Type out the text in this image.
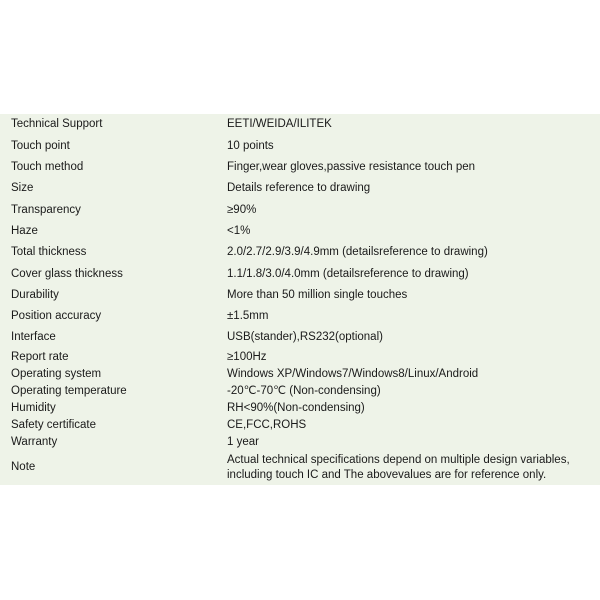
Technical Support	EETI/WEIDA/ILITEK
Touch point	10 points
Touch method	Finger,wear gloves,passive resistance touch pen
Size	Details reference to drawing
Transparency	≥90%
Haze	<1%
Total thickness	2.0/2.7/2.9/3.9/4.9mm (detailsreference to drawing)
Cover glass thickness	1.1/1.8/3.0/4.0mm (detailsreference to drawing)
Durability	More than 50 million single touches
Position accuracy	±1.5mm
Interface	USB(stander),RS232(optional)
Report rate	≥100Hz
Operating system	Windows XP/Windows7/Windows8/Linux/Android
Operating temperature	-20℃-70℃ (Non-condensing)
Humidity	RH<90%(Non-condensing)
Safety certificate	CE,FCC,ROHS
Warranty	1 year
Note	Actual technical specifications depend on multiple design variables, including touch IC and The abovevalues are for reference only.
